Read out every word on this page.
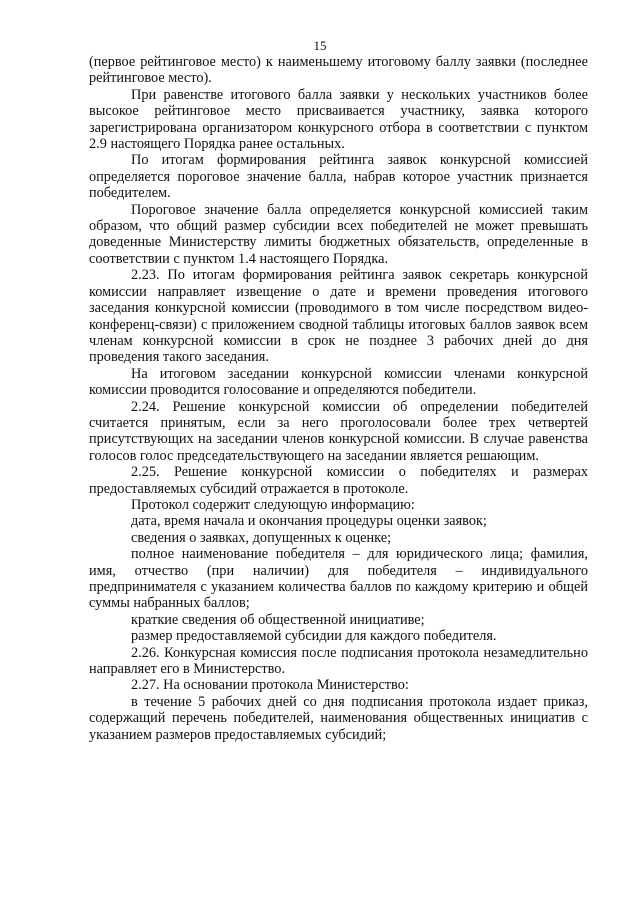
15

(первое рейтинговое место) к наименьшему итоговому баллу заявки (последнее рейтинговое место).

При равенстве итогового балла заявки у нескольких участников более высокое рейтинговое место присваивается участнику, заявка которого зарегистрирована организатором конкурсного отбора в соответствии с пунктом 2.9 настоящего Порядка ранее остальных.

По итогам формирования рейтинга заявок конкурсной комиссией определяется пороговое значение балла, набрав которое участник признается победителем.

Пороговое значение балла определяется конкурсной комиссией таким образом, что общий размер субсидии всех победителей не может превышать доведенные Министерству лимиты бюджетных обязательств, определенные в соответствии с пунктом 1.4 настоящего Порядка.

2.23. По итогам формирования рейтинга заявок секретарь конкурсной комиссии направляет извещение о дате и времени проведения итогового заседания конкурсной комиссии (проводимого в том числе посредством видео-конференц-связи) с приложением сводной таблицы итоговых баллов заявок всем членам конкурсной комиссии в срок не позднее 3 рабочих дней до дня проведения такого заседания.

На итоговом заседании конкурсной комиссии членами конкурсной комиссии проводится голосование и определяются победители.

2.24. Решение конкурсной комиссии об определении победителей считается принятым, если за него проголосовали более трех четвертей присутствующих на заседании членов конкурсной комиссии. В случае равенства голосов голос председательствующего на заседании является решающим.

2.25. Решение конкурсной комиссии о победителях и размерах предоставляемых субсидий отражается в протоколе.

Протокол содержит следующую информацию:

дата, время начала и окончания процедуры оценки заявок;

сведения о заявках, допущенных к оценке;

полное наименование победителя – для юридического лица; фамилия, имя, отчество (при наличии) для победителя – индивидуального предпринимателя с указанием количества баллов по каждому критерию и общей суммы набранных баллов;

краткие сведения об общественной инициативе;

размер предоставляемой субсидии для каждого победителя.

2.26. Конкурсная комиссия после подписания протокола незамедлительно направляет его в Министерство.

2.27. На основании протокола Министерство:

в течение 5 рабочих дней со дня подписания протокола издает приказ, содержащий перечень победителей, наименования общественных инициатив с указанием размеров предоставляемых субсидий;
